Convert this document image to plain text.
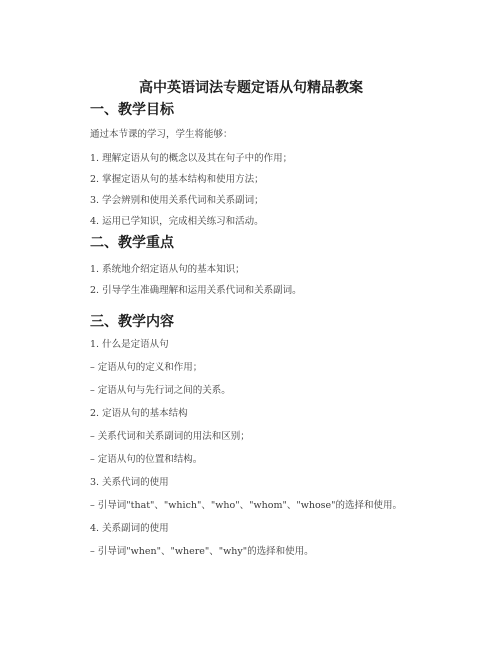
高中英语词法专题定语从句精品教案
一、教学目标
通过本节课的学习，学生将能够：
1. 理解定语从句的概念以及其在句子中的作用；
2. 掌握定语从句的基本结构和使用方法；
3. 学会辨别和使用关系代词和关系副词；
4. 运用已学知识，完成相关练习和活动。
二、教学重点
1. 系统地介绍定语从句的基本知识；
2. 引导学生准确理解和运用关系代词和关系副词。
三、教学内容
1. 什么是定语从句
– 定语从句的定义和作用；
– 定语从句与先行词之间的关系。
2. 定语从句的基本结构
– 关系代词和关系副词的用法和区别；
– 定语从句的位置和结构。
3. 关系代词的使用
– 引导词"that"、"which"、"who"、"whom"、"whose"的选择和使用。
4. 关系副词的使用
– 引导词"when"、"where"、"why"的选择和使用。
